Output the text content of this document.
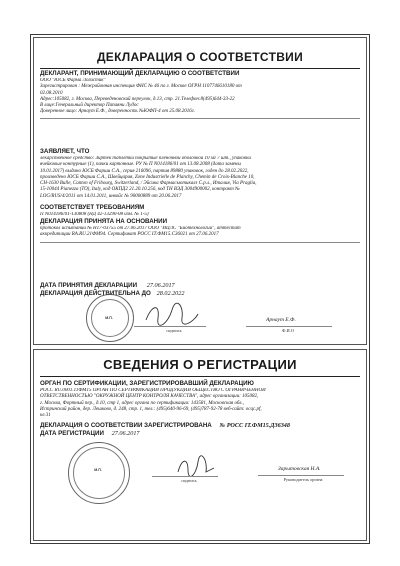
ДЕКЛАРАЦИЯ О СООТВЕТСТВИИ
ДЕКЛАРАНТ, ПРИНИМАЮЩИЙ ДЕКЛАРАЦИЮ О СООТВЕТСТВИИ
ООО "ЮСБ Фарма Логистик"
Зарегистрирован : Межрайонная инспекция ФНС № 46 по г. Москве ОГРН 1107746610180 от
02.08.2010
Адрес:105082, г. Москва, Переведеновский переулок, д.13, стр. 21.Телефон:8(495)644-33-22
В лице:Генеральный директор Папаяни Лудос
Доверенное лицо: Арнаут Е.Ф., доверенность №ЮФП-4 от 25.08.2016г.
ЗАЯВЛЯЕТ, ЧТО
лекарственное средство: Зиртек таблетки покрытые пленочной оболочкой 10 мг 7 шт., упаковки
ячейковые контурные (1), пачки картонные. РУ № П N014186/01 от 13.08.2008 (дата замены
10.01.2017) выдано ЮСБ Фарши С.А., серия 216096, партия 89880 упаковок, годен до 28.02.2022,
произведено ЮСБ Фарши С.А., Швейцария, Zone Industrielle de Planchy, Chemin de Croix-Blanche 10,
CH-1630 Bulle, Canton of Fribourg, Switzerland, / Эйсика Фармасьютикалз С.р.л., Италия, Via Praglia,
15-10044 Pianezza (TO), Italy, код ОКПД2 21.20.10.256, код ТН ВЭД 3004900002, контракт №
LOG/RUS/4/2011 от 14.01.2011, инвойс № 90000889 от 20.06.2017
СООТВЕТСТВУЕТ ТРЕБОВАНИЯМ
П N014186/01-130808 (НД 42-13290-08 изм. № 1-5)
ДЕКЛАРАЦИЯ ПРИНЯТА НА ОСНОВАНИИ
протокол испытаний № Н17-03755 от 27.06.2017 ООО "ИЦЛС "Биотехнологии", аттестат
аккредитации RA.RU.21ФМ94. Сертификат РОСС IT.ФМ15.С36021 от 27.06.2017
ДАТА ПРИНЯТИЯ ДЕКЛАРАЦИИ 27.06.2017
ДЕКЛАРАЦИЯ ДЕЙСТВИТЕЛЬНА ДО 28.02.2022
М.П.
подпись
Арнаут Е.Ф.
Ф.И.О
СВЕДЕНИЯ О РЕГИСТРАЦИИ
ОРГАН ПО СЕРТИФИКАЦИИ, ЗАРЕГИСТРИРОВАВШИЙ ДЕКЛАРАЦИЮ
РОСС RU.0001.11ФМ15 ОРГАН ПО СЕРТИФИКАЦИИ ПРОДУКЦИИ ОБЩЕСТВО С ОГРАНИЧЕННОЙ
ОТВЕТСТВЕННОСТЬЮ "ОКРУЖНОЙ ЦЕНТР КОНТРОЛЯ КАЧЕСТВА", адрес организации: 105082,
г. Москва, Фортный пер., д.10, стр 1, адрес органа по сертификации: 143581, Московская обл.,
Истринский район, дер. Лешково, д. 248, стр. 1, тел.: (495)640-96-69, (495)787-92-78 веб-сайт: ocqc.pf,
кв 31
ДЕКЛАРАЦИЯ О СООТВЕТСТВИИ ЗАРЕГИСТРИРОВАНА № РОСС IT.ФМ15.Д36348
ДАТА РЕГИСТРАЦИИ 27.06.2017
М.П.
подпись
Зарытовская Н.А.
Руководитель органа
